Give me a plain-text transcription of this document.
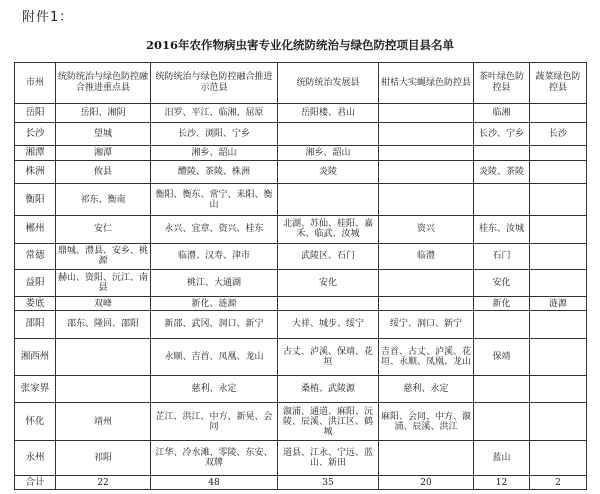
附件1：
2016年农作物病虫害专业化统防统治与绿色防控项目县名单
市州	统防统治与绿色防控融合推进重点县	统防统治与绿色防控融合推进示范县	统防统治发展县	柑桔大实蝇绿色防控县	茶叶绿色防控县	蔬菜绿色防控县
岳阳	岳阳、湘阴	汨罗、平江、临湘、屈原	岳阳楼、君山		临湘	
长沙	望城	长沙、浏阳、宁乡			长沙、宁乡	长沙
湘潭	湘潭	湘乡、韶山	湘乡、韶山			
株洲	攸县	醴陵、茶陵、株洲	炎陵		炎陵、茶陵	
衡阳	祁东、衡南	衡阳、衡东、常宁、耒阳、衡山				
郴州	安仁	永兴、宜章、资兴、桂东	北湖、苏仙、桂阳、嘉禾、临武、汝城	资兴	桂东、汝城	
常德	鼎城、澧县、安乡、桃源	临澧、汉寿、津市	武陵区、石门	临澧	石门	
益阳	赫山、资阳、沅江、南县	桃江、大通湖	安化		安化	
娄底	双峰	新化、涟源			新化	涟源
邵阳	邵东、隆回、邵阳	新邵、武冈、洞口、新宁	大祥、城步、绥宁	绥宁、洞口、新宁		
湘西州		永顺、吉首、凤凰、龙山	古丈、泸溪、保靖、花垣	吉首、古丈、泸溪、花垣、永顺、凤凰、龙山	保靖	
张家界		慈利、永定	桑植、武陵源	慈利、永定		
怀化	靖州	芷江、洪江、中方、新晃、会同	溆浦、通道、麻阳、沅陵、辰溪、洪江区、鹤城	麻阳、会同、中方、溆浦、辰溪、洪江		
永州	祁阳	江华、冷水滩、零陵、东安、双牌	道县、江永、宁远、蓝山、新田		蓝山	
合计	22	48	35	20	12	2
